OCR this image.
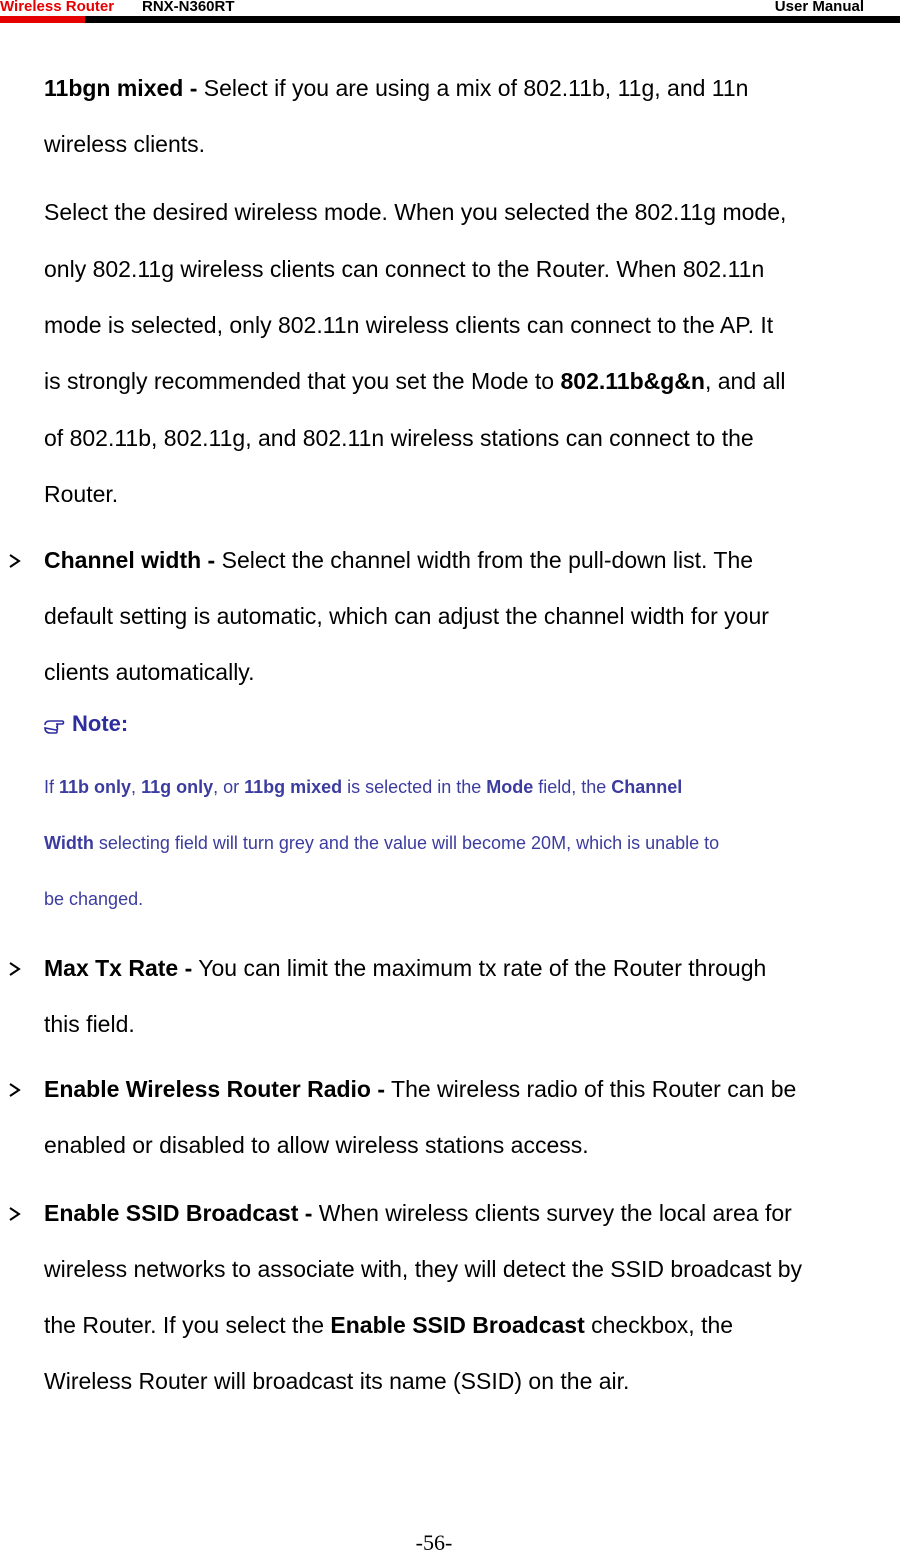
Wireless Router RNX-N360RT	User Manual
11bgn mixed - Select if you are using a mix of 802.11b, 11g, and 11n
wireless clients.
Select the desired wireless mode. When you selected the 802.11g mode,
only 802.11g wireless clients can connect to the Router. When 802.11n
mode is selected, only 802.11n wireless clients can connect to the AP. It
is strongly recommended that you set the Mode to 802.11b&g&n, and all
of 802.11b, 802.11g, and 802.11n wireless stations can connect to the
Router.
Channel width - Select the channel width from the pull-down list. The
default setting is automatic, which can adjust the channel width for your
clients automatically.
Note:
If 11b only, 11g only, or 11bg mixed is selected in the Mode field, the Channel
Width selecting field will turn grey and the value will become 20M, which is unable to
be changed.
Max Tx Rate - You can limit the maximum tx rate of the Router through
this field.
Enable Wireless Router Radio - The wireless radio of this Router can be
enabled or disabled to allow wireless stations access.
Enable SSID Broadcast - When wireless clients survey the local area for
wireless networks to associate with, they will detect the SSID broadcast by
the Router. If you select the Enable SSID Broadcast checkbox, the
Wireless Router will broadcast its name (SSID) on the air.
-56-
